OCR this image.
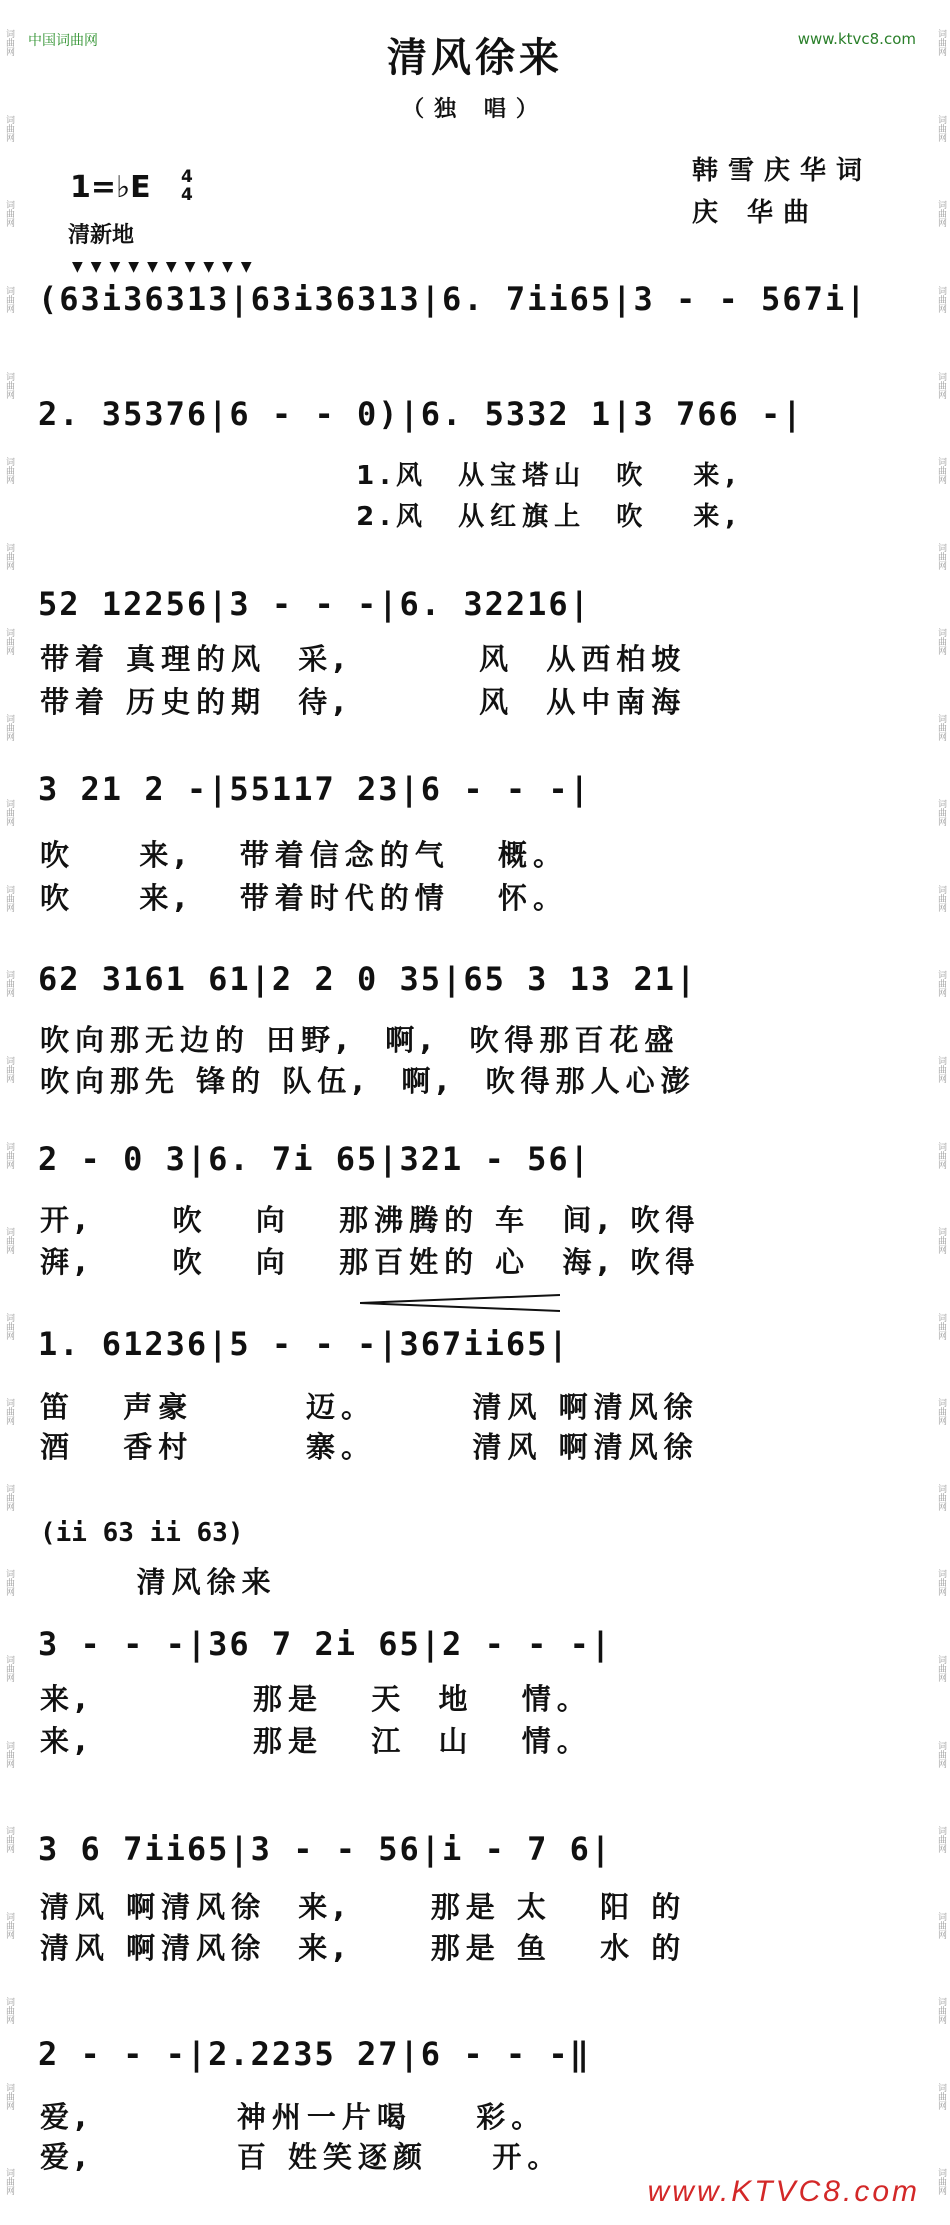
词曲网
词曲网
词曲网
词曲网
词曲网
词曲网
词曲网
词曲网
词曲网
词曲网
词曲网
词曲网
词曲网
词曲网
词曲网
词曲网
词曲网
词曲网
词曲网
词曲网
词曲网
词曲网
词曲网
词曲网
词曲网
词曲网
词曲网
词曲网
词曲网
词曲网
词曲网
词曲网
词曲网
词曲网
词曲网
词曲网
词曲网
词曲网
词曲网
词曲网
词曲网
词曲网
词曲网
词曲网
词曲网
词曲网
词曲网
词曲网
词曲网
词曲网
词曲网
词曲网
中国词曲网	www.ktvc8.com
清风徐来
（独 唱）
1=♭E 4
4
清新地
韩雪庆华词
庆 华曲
▼▼▼▼▼▼▼▼▼▼
(63i36313|63i36313|6. 7ii65|3 - - 567i|
2. 35376|6 - - 0)|6. 5332 1|3 766 -|
1.风  从宝塔山  吹   来,
2.风  从红旗上  吹   来,
52 12256|3 - - -|6. 32216|
带着 真理的风  采,        风  从西柏坡
带着 历史的期  待,        风  从中南海
3 21 2 -|55117 23|6 - - -|
吹    来,   带着信念的气   概。
吹    来,   带着时代的情   怀。
62 3161 61|2 2 0 35|65 3 13 21|
吹向那无边的 田野,  啊,  吹得那百花盛
吹向那先 锋的 队伍,  啊,  吹得那人心澎
2 - 0 3|6. 7i 65|321 - 56|
开,     吹   向   那沸腾的 车  间, 吹得
湃,     吹   向   那百姓的 心  海, 吹得
1. 61236|5 - - -|367ii65|
笛   声豪       迈。      清风 啊清风徐
酒   香村       寨。      清风 啊清风徐
(ii 63 ii 63)
清风徐来
3 - - -|36 7 2i 65|2 - - -|
来,          那是   天  地   情。
来,          那是   江  山   情。
3 6 7ii65|3 - - 56|i - 7 6|
清风 啊清风徐  来,     那是 太   阳 的
清风 啊清风徐  来,     那是 鱼   水 的
2 - - -|2.2235 27|6 - - -‖
爱,         神州一片喝    彩。
爱,         百 姓笑逐颜    开。
www.KTVC8.com
